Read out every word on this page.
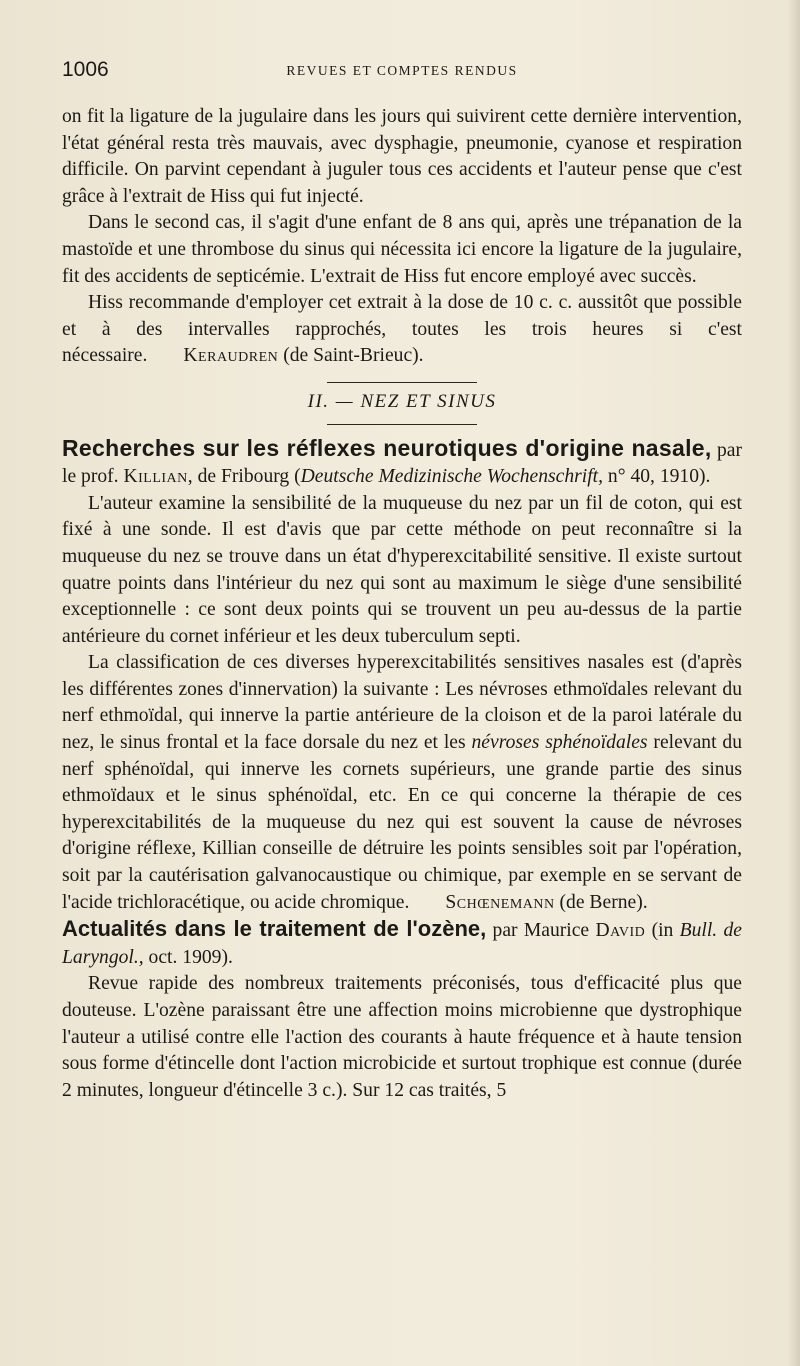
1006	REVUES ET COMPTES RENDUS

on fit la ligature de la jugulaire dans les jours qui suivirent cette dernière intervention, l'état général resta très mauvais, avec dysphagie, pneumonie, cyanose et respiration difficile. On parvint cependant à juguler tous ces accidents et l'auteur pense que c'est grâce à l'extrait de Hiss qui fut injecté.

Dans le second cas, il s'agit d'une enfant de 8 ans qui, après une trépanation de la mastoïde et une thrombose du sinus qui nécessita ici encore la ligature de la jugulaire, fit des accidents de septicémie. L'extrait de Hiss fut encore employé avec succès.

Hiss recommande d'employer cet extrait à la dose de 10 c. c. aussitôt que possible et à des intervalles rapprochés, toutes les trois heures si c'est nécessaire. Keraudren (de Saint-Brieuc).

II. — NEZ ET SINUS

Recherches sur les réflexes neurotiques d'origine nasale, par le prof. Killian, de Fribourg (Deutsche Medizinische Wochenschrift, n° 40, 1910).

L'auteur examine la sensibilité de la muqueuse du nez par un fil de coton, qui est fixé à une sonde. Il est d'avis que par cette méthode on peut reconnaître si la muqueuse du nez se trouve dans un état d'hyperexcitabilité sensitive. Il existe surtout quatre points dans l'intérieur du nez qui sont au maximum le siège d'une sensibilité exceptionnelle : ce sont deux points qui se trouvent un peu au-dessus de la partie antérieure du cornet inférieur et les deux tuberculum septi.

La classification de ces diverses hyperexcitabilités sensitives nasales est (d'après les différentes zones d'innervation) la suivante : Les névroses ethmoïdales relevant du nerf ethmoïdal, qui innerve la partie antérieure de la cloison et de la paroi latérale du nez, le sinus frontal et la face dorsale du nez et les névroses sphénoïdales relevant du nerf sphénoïdal, qui innerve les cornets supérieurs, une grande partie des sinus ethmoïdaux et le sinus sphénoïdal, etc. En ce qui concerne la thérapie de ces hyperexcitabilités de la muqueuse du nez qui est souvent la cause de névroses d'origine réflexe, Killian conseille de détruire les points sensibles soit par l'opération, soit par la cautérisation galvanocaustique ou chimique, par exemple en se servant de l'acide trichloracétique, ou acide chromique. Schœnemann (de Berne).

Actualités dans le traitement de l'ozène, par Maurice David (in Bull. de Laryngol., oct. 1909).

Revue rapide des nombreux traitements préconisés, tous d'efficacité plus que douteuse. L'ozène paraissant être une affection moins microbienne que dystrophique l'auteur a utilisé contre elle l'action des courants à haute fréquence et à haute tension sous forme d'étincelle dont l'action microbicide et surtout trophique est connue (durée 2 minutes, longueur d'étincelle 3 c.). Sur 12 cas traités, 5
